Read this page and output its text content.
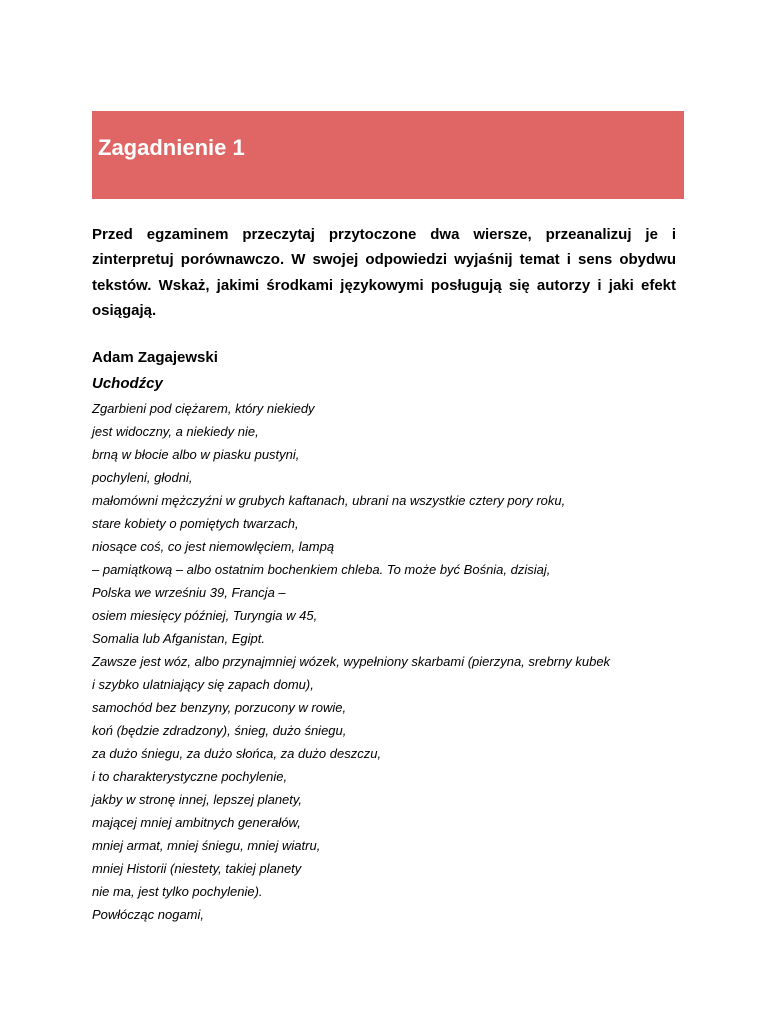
Zagadnienie 1

Przed egzaminem przeczytaj przytoczone dwa wiersze, przeanalizuj je i zinterpretuj porównawczo. W swojej odpowiedzi wyjaśnij temat i sens obydwu tekstów. Wskaż, jakimi środkami językowymi posługują się autorzy i jaki efekt osiągają.

Adam Zagajewski

Uchodźcy

Zgarbieni pod ciężarem, który niekiedy
jest widoczny, a niekiedy nie,
brną w błocie albo w piasku pustyni,
pochyleni, głodni,
małomówni mężczyźni w grubych kaftanach, ubrani na wszystkie cztery pory roku,
stare kobiety o pomiętych twarzach,
niosące coś, co jest niemowlęciem, lampą
– pamiątkową – albo ostatnim bochenkiem chleba. To może być Bośnia, dzisiaj,
Polska we wrześniu 39, Francja –
osiem miesięcy później, Turyngia w 45,
Somalia lub Afganistan, Egipt.
Zawsze jest wóz, albo przynajmniej wózek, wypełniony skarbami (pierzyna, srebrny kubek
i szybko ulatniający się zapach domu),
samochód bez benzyny, porzucony w rowie,
koń (będzie zdradzony), śnieg, dużo śniegu,
za dużo śniegu, za dużo słońca, za dużo deszczu,
i to charakterystyczne pochylenie,
jakby w stronę innej, lepszej planety,
mającej mniej ambitnych generałów,
mniej armat, mniej śniegu, mniej wiatru,
mniej Historii (niestety, takiej planety
nie ma, jest tylko pochylenie).
Powłócząc nogami,
